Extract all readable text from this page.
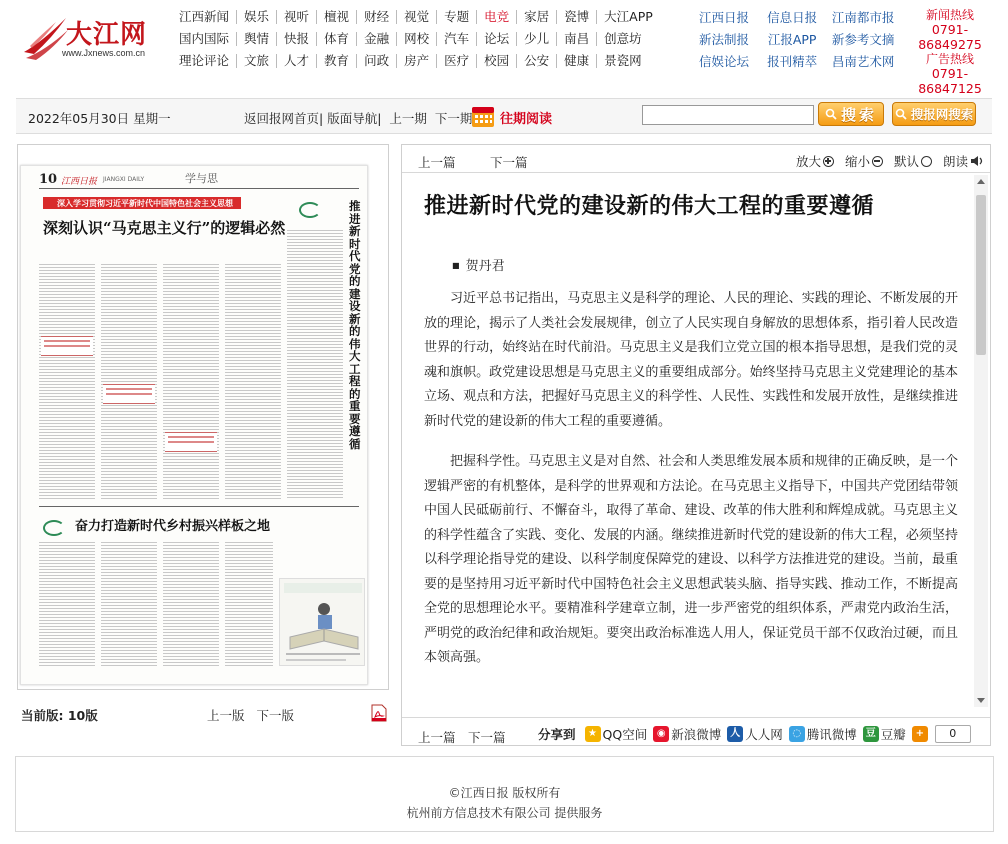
大江网
www.Jxnews.com.cn
江西新闻	娱乐	视听	檀视	财经	视觉	专题	电竞	家居	瓷博	大江APP
国内国际	舆情	快报	体育	金融	网校	汽车	论坛	少儿	南昌	创意坊
理论评论	文旅	人才	教育	问政	房产	医疗	校园	公安	健康	景瓷网
江西日报	信息日报	江南都市报
新法制报	江报APP	新参考文摘
信娱论坛	报刊精萃	昌南艺术网
新闻热线
0791-86849275
广告热线
0791-86847125
2022年05月30日 星期一	返回报网首页| 版面导航|  上一期 下一期 往期阅读	搜索	搜报网搜索
10 江西日报 JIANGXI DAILY	学与思
深入学习贯彻习近平新时代中国特色社会主义思想
深刻认识“马克思主义行”的逻辑必然
推进新时代党的建设新的伟大工程的重要遵循
奋力打造新时代乡村振兴样板之地
当前版: 10版	上一版 下一版
上一篇	下一篇	放大 缩小 默认 朗读
推进新时代党的建设新的伟大工程的重要遵循
■ 贺丹君

习近平总书记指出，马克思主义是科学的理论、人民的理论、实践的理论、不断发展的开放的理论，揭示了人类社会发展规律，创立了人民实现自身解放的思想体系，指引着人民改造世界的行动，始终站在时代前沿。马克思主义是我们立党立国的根本指导思想，是我们党的灵魂和旗帜。政党建设思想是马克思主义的重要组成部分。始终坚持马克思主义党建理论的基本立场、观点和方法，把握好马克思主义的科学性、人民性、实践性和发展开放性，是继续推进新时代党的建设新的伟大工程的重要遵循。

把握科学性。马克思主义是对自然、社会和人类思维发展本质和规律的正确反映，是一个逻辑严密的有机整体，是科学的世界观和方法论。在马克思主义指导下，中国共产党团结带领中国人民砥砺前行、不懈奋斗，取得了革命、建设、改革的伟大胜利和辉煌成就。马克思主义的科学性蕴含了实践、变化、发展的内涵。继续推进新时代党的建设新的伟大工程，必须坚持以科学理论指导党的建设、以科学制度保障党的建设、以科学方法推进党的建设。当前，最重要的是坚持用习近平新时代中国特色社会主义思想武装头脑、指导实践、推动工作，不断提高全党的思想理论水平。要精准科学建章立制，进一步严密党的组织体系，严肃党内政治生活，严明党的政治纪律和政治规矩。要突出政治标准选人用人，保证党员干部不仅政治过硬，而且本领高强。

上一篇 下一篇	分享到	★ QQ空间 ◉ 新浪微博 人 人人网 ◌ 腾讯微博 豆 豆瓣 +	0
©江西日报 版权所有
杭州前方信息技术有限公司 提供服务
